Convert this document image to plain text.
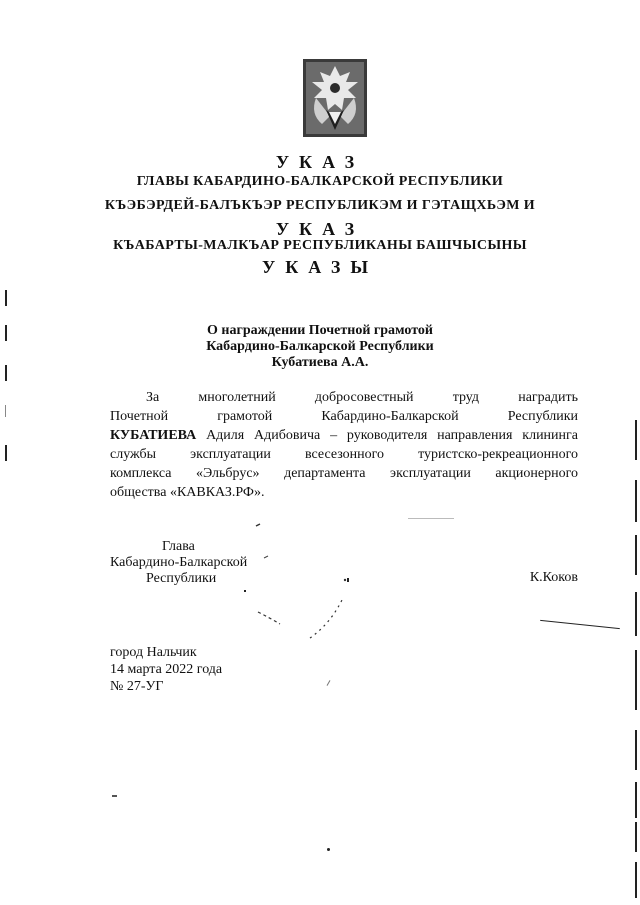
УКАЗ
ГЛАВЫ КАБАРДИНО-БАЛКАРСКОЙ РЕСПУБЛИКИ
КЪЭБЭРДЕЙ-БАЛЪКЪЭР РЕСПУБЛИКЭМ И ГЭТАЩХЬЭМ И
УКАЗ
КЪАБАРТЫ-МАЛКЪАР РЕСПУБЛИКАНЫ БАШЧЫСЫНЫ
УКАЗЫ
О награждении Почетной грамотой
Кабардино-Балкарской Республики
Кубатиева А.А.
За многолетний добросовестный труд наградить
Почетной грамотой Кабардино-Балкарской Республики
КУБАТИЕВА Адиля Адибовича – руководителя направления клининга
службы эксплуатации всесезонного туристско-рекреационного
комплекса «Эльбрус» департамента эксплуатации акционерного
общества «КАВКАЗ.РФ».
Глава
Кабардино-Балкарской
Республики	К.Коков
город Нальчик
14 марта 2022 года
№ 27-УГ
